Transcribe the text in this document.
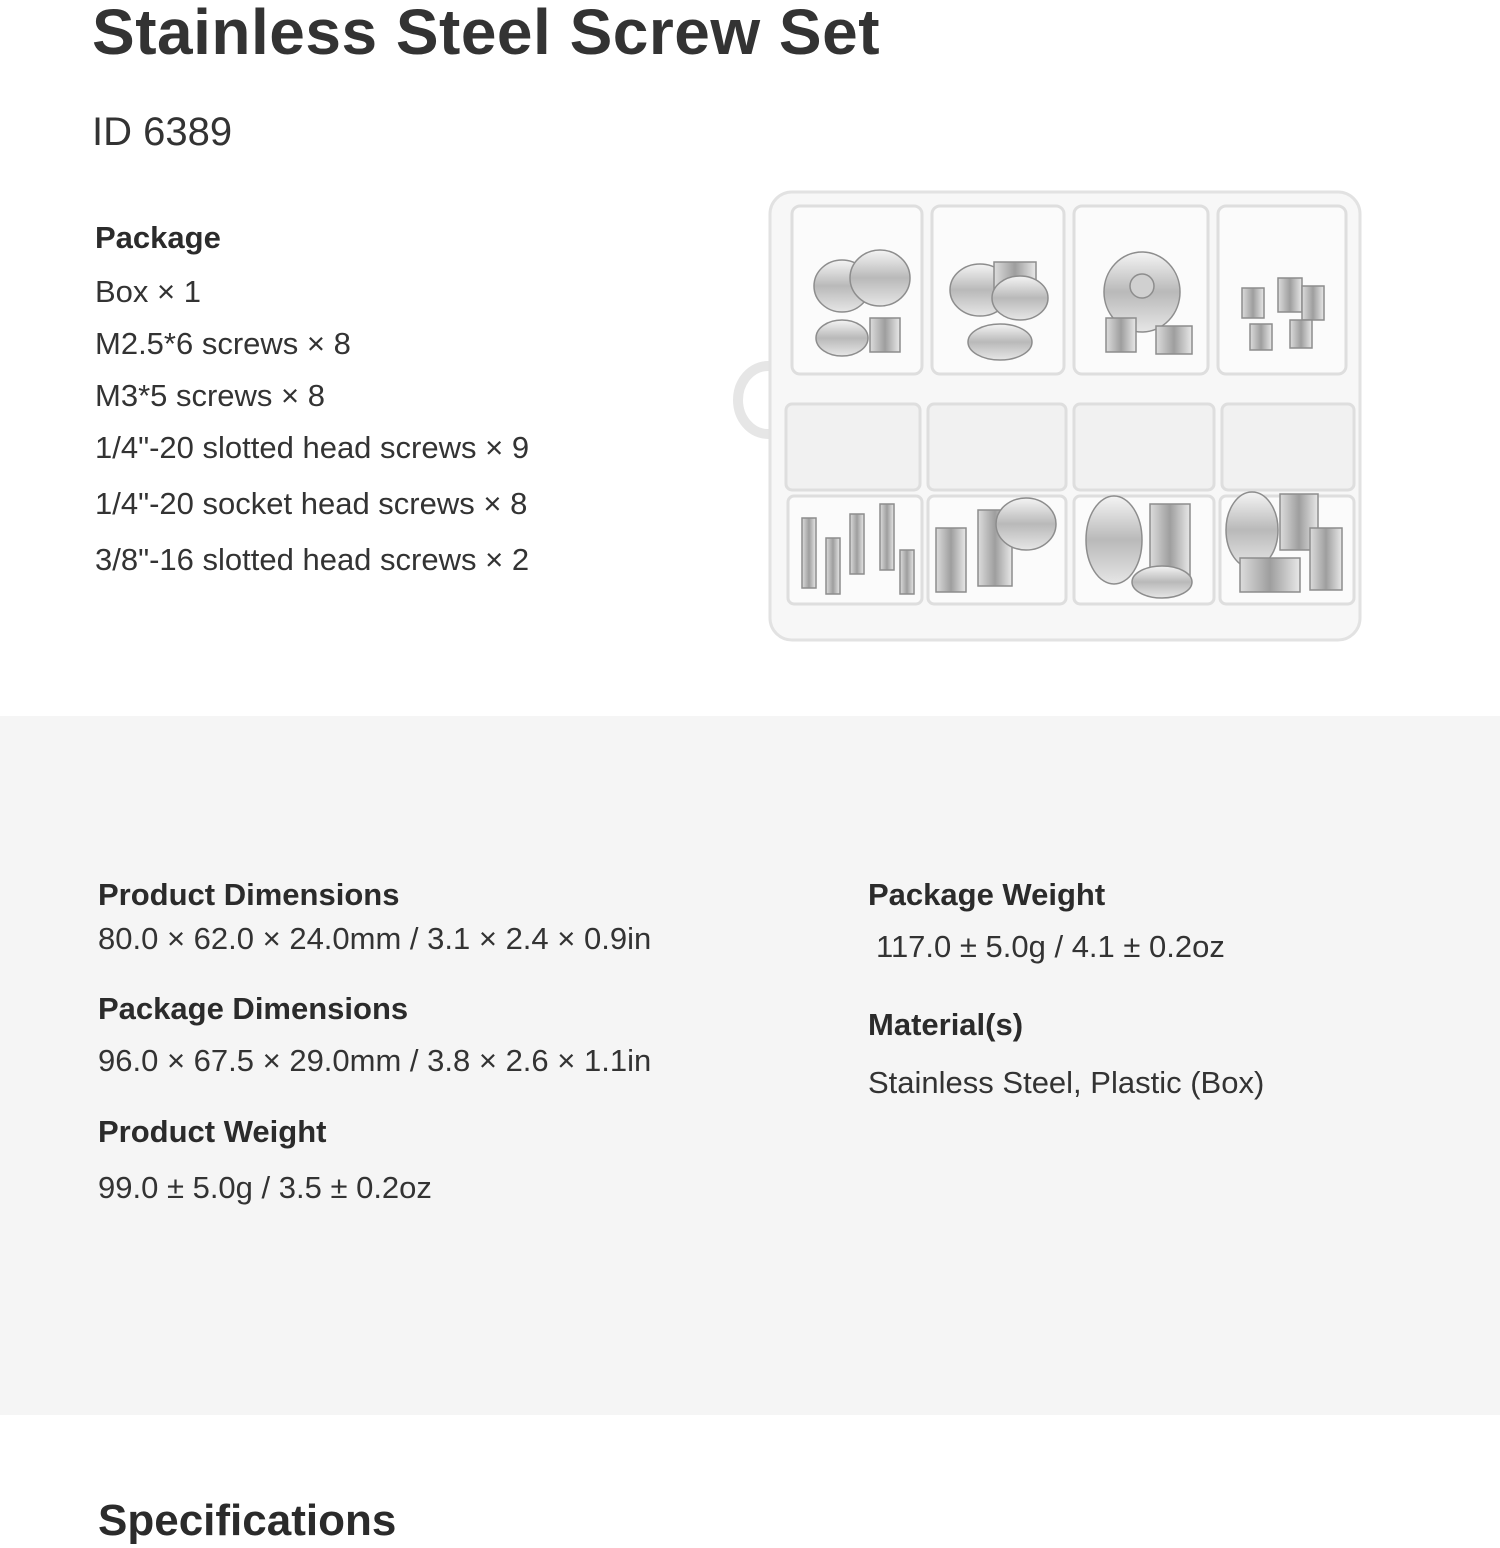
Stainless Steel Screw Set
ID 6389
Package
Box × 1
M2.5*6 screws × 8
M3*5 screws × 8
1/4"-20 slotted head screws × 9
1/4"-20 socket head screws × 8
3/8"-16 slotted head screws × 2
Specifications
Product Dimensions
80.0 × 62.0 × 24.0mm / 3.1 × 2.4 × 0.9in
Package Dimensions
96.0 × 67.5 × 29.0mm / 3.8 × 2.6 × 1.1in
Product Weight
99.0 ± 5.0g / 3.5 ± 0.2oz
Package Weight
117.0 ± 5.0g / 4.1 ± 0.2oz
Material(s)
Stainless Steel, Plastic (Box)
